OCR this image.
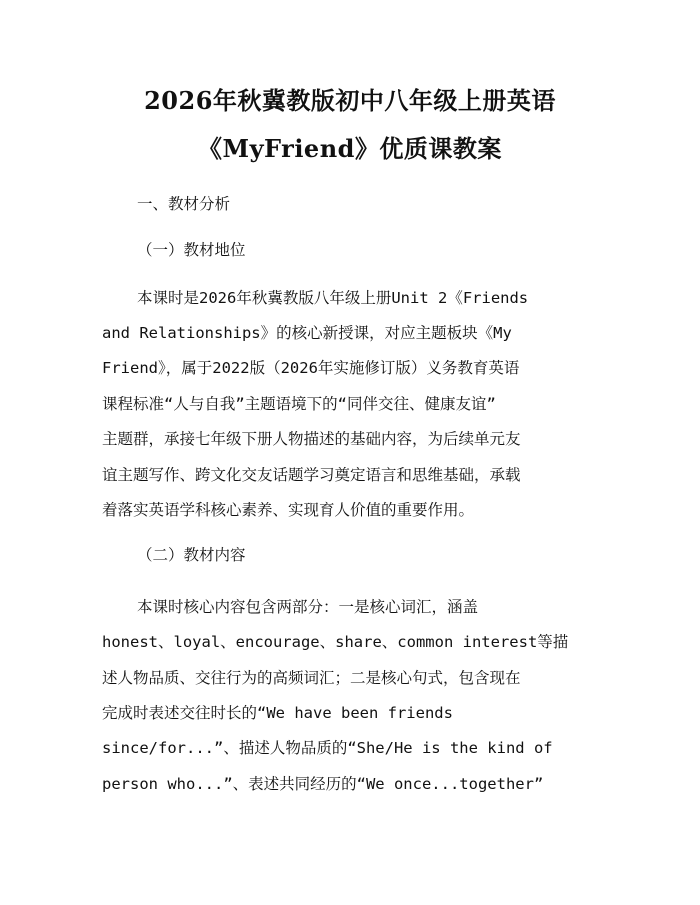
2026年秋冀教版初中八年级上册英语
《MyFriend》优质课教案
一、教材分析
（一）教材地位
本课时是2026年秋冀教版八年级上册Unit 2《Friends
and Relationships》的核心新授课，对应主题板块《My
Friend》，属于2022版（2026年实施修订版）义务教育英语
课程标准“人与自我”主题语境下的“同伴交往、健康友谊”
主题群，承接七年级下册人物描述的基础内容，为后续单元友
谊主题写作、跨文化交友话题学习奠定语言和思维基础，承载
着落实英语学科核心素养、实现育人价值的重要作用。
（二）教材内容
本课时核心内容包含两部分：一是核心词汇，涵盖
honest、loyal、encourage、share、common interest等描
述人物品质、交往行为的高频词汇；二是核心句式，包含现在
完成时表述交往时长的“We have been friends
since/for...”、描述人物品质的“She/He is the kind of
person who...”、表述共同经历的“We once...together”
